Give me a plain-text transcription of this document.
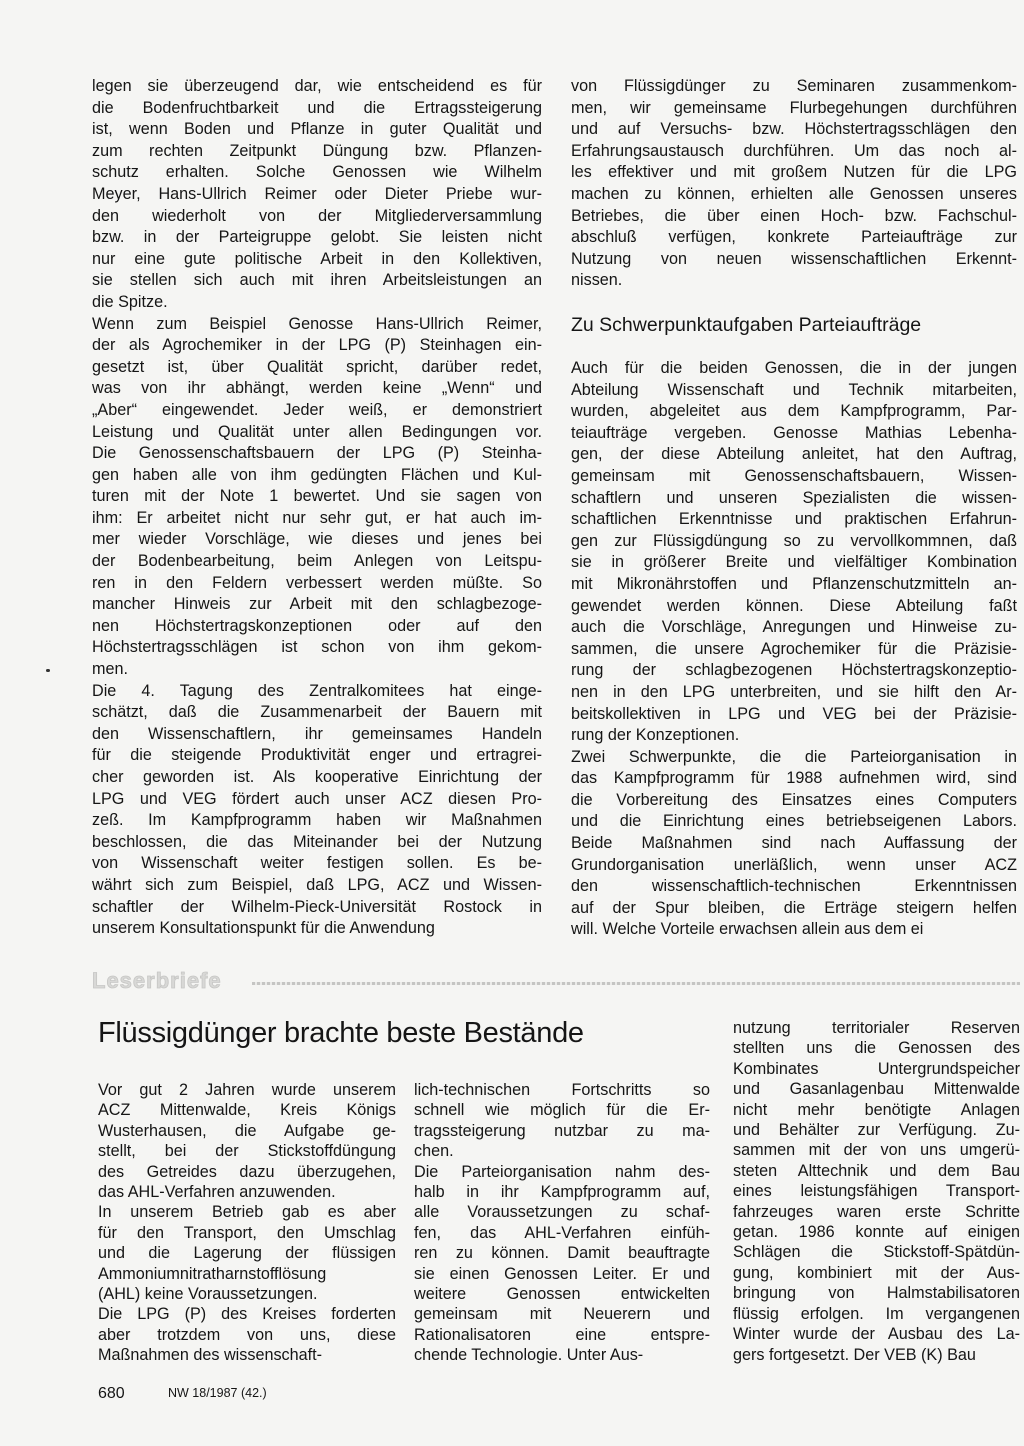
legen sie überzeugend dar, wie entscheidend es für
die Bodenfruchtbarkeit und die Ertragssteigerung
ist, wenn Boden und Pflanze in guter Qualität und
zum rechten Zeitpunkt Düngung bzw. Pflanzen-
schutz erhalten. Solche Genossen wie Wilhelm
Meyer, Hans-Ullrich Reimer oder Dieter Priebe wur-
den wiederholt von der Mitgliederversammlung
bzw. in der Parteigruppe gelobt. Sie leisten nicht
nur eine gute politische Arbeit in den Kollektiven,
sie stellen sich auch mit ihren Arbeitsleistungen an
die Spitze.
Wenn zum Beispiel Genosse Hans-Ullrich Reimer,
der als Agrochemiker in der LPG (P) Steinhagen ein-
gesetzt ist, über Qualität spricht, darüber redet,
was von ihr abhängt, werden keine „Wenn“ und
„Aber“ eingewendet. Jeder weiß, er demonstriert
Leistung und Qualität unter allen Bedingungen vor.
Die Genossenschaftsbauern der LPG (P) Steinha-
gen haben alle von ihm gedüngten Flächen und Kul-
turen mit der Note 1 bewertet. Und sie sagen von
ihm: Er arbeitet nicht nur sehr gut, er hat auch im-
mer wieder Vorschläge, wie dieses und jenes bei
der Bodenbearbeitung, beim Anlegen von Leitspu-
ren in den Feldern verbessert werden müßte. So
mancher Hinweis zur Arbeit mit den schlagbezoge-
nen Höchstertragskonzeptionen oder auf den
Höchstertragsschlägen ist schon von ihm gekom-
men.
Die 4. Tagung des Zentralkomitees hat einge-
schätzt, daß die Zusammenarbeit der Bauern mit
den Wissenschaftlern, ihr gemeinsames Handeln
für die steigende Produktivität enger und ertragrei-
cher geworden ist. Als kooperative Einrichtung der
LPG und VEG fördert auch unser ACZ diesen Pro-
zeß. Im Kampfprogramm haben wir Maßnahmen
beschlossen, die das Miteinander bei der Nutzung
von Wissenschaft weiter festigen sollen. Es be-
währt sich zum Beispiel, daß LPG, ACZ und Wissen-
schaftler der Wilhelm-Pieck-Universität Rostock in
unserem Konsultationspunkt für die Anwendung
von Flüssigdünger zu Seminaren zusammenkom-
men, wir gemeinsame Flurbegehungen durchführen
und auf Versuchs- bzw. Höchstertragsschlägen den
Erfahrungsaustausch durchführen. Um das noch al-
les effektiver und mit großem Nutzen für die LPG
machen zu können, erhielten alle Genossen unseres
Betriebes, die über einen Hoch- bzw. Fachschul-
abschluß verfügen, konkrete Parteiaufträge zur
Nutzung von neuen wissenschaftlichen Erkennt-
nissen.
Zu Schwerpunktaufgaben Parteiaufträge
Auch für die beiden Genossen, die in der jungen
Abteilung Wissenschaft und Technik mitarbeiten,
wurden, abgeleitet aus dem Kampfprogramm, Par-
teiaufträge vergeben. Genosse Mathias Lebenha-
gen, der diese Abteilung anleitet, hat den Auftrag,
gemeinsam mit Genossenschaftsbauern, Wissen-
schaftlern und unseren Spezialisten die wissen-
schaftlichen Erkenntnisse und praktischen Erfahrun-
gen zur Flüssigdüngung so zu vervollkommnen, daß
sie in größerer Breite und vielfältiger Kombination
mit Mikronährstoffen und Pflanzenschutzmitteln an-
gewendet werden können. Diese Abteilung faßt
auch die Vorschläge, Anregungen und Hinweise zu-
sammen, die unsere Agrochemiker für die Präzisie-
rung der schlagbezogenen Höchstertragskonzeptio-
nen in den LPG unterbreiten, und sie hilft den Ar-
beitskollektiven in LPG und VEG bei der Präzisie-
rung der Konzeptionen.
Zwei Schwerpunkte, die die Parteiorganisation in
das Kampfprogramm für 1988 aufnehmen wird, sind
die Vorbereitung des Einsatzes eines Computers
und die Einrichtung eines betriebseigenen Labors.
Beide Maßnahmen sind nach Auffassung der
Grundorganisation unerläßlich, wenn unser ACZ
den wissenschaftlich-technischen Erkenntnissen
auf der Spur bleiben, die Erträge steigern helfen
will. Welche Vorteile erwachsen allein aus dem ei
Leserbriefe
Flüssigdünger brachte beste Bestände
Vor gut 2 Jahren wurde unserem
ACZ Mittenwalde, Kreis Königs
Wusterhausen, die Aufgabe ge-
stellt, bei der Stickstoffdüngung
des Getreides dazu überzugehen,
das AHL-Verfahren anzuwenden.
In unserem Betrieb gab es aber
für den Transport, den Umschlag
und die Lagerung der flüssigen
Ammoniumnitratharnstofflösung
(AHL) keine Voraussetzungen.
Die LPG (P) des Kreises forderten
aber trotzdem von uns, diese
Maßnahmen des wissenschaft-
lich-technischen Fortschritts so
schnell wie möglich für die Er-
tragssteigerung nutzbar zu ma-
chen.
Die Parteiorganisation nahm des-
halb in ihr Kampfprogramm auf,
alle Voraussetzungen zu schaf-
fen, das AHL-Verfahren einfüh-
ren zu können. Damit beauftragte
sie einen Genossen Leiter. Er und
weitere Genossen entwickelten
gemeinsam mit Neuerern und
Rationalisatoren eine entspre-
chende Technologie. Unter Aus-
nutzung territorialer Reserven
stellten uns die Genossen des
Kombinates Untergrundspeicher
und Gasanlagenbau Mittenwalde
nicht mehr benötigte Anlagen
und Behälter zur Verfügung. Zu-
sammen mit der von uns umgerü-
steten Alttechnik und dem Bau
eines leistungsfähigen Transport-
fahrzeuges waren erste Schritte
getan. 1986 konnte auf einigen
Schlägen die Stickstoff-Spätdün-
gung, kombiniert mit der Aus-
bringung von Halmstabilisatoren
flüssig erfolgen. Im vergangenen
Winter wurde der Ausbau des La-
gers fortgesetzt. Der VEB (K) Bau
680	NW 18/1987 (42.)
